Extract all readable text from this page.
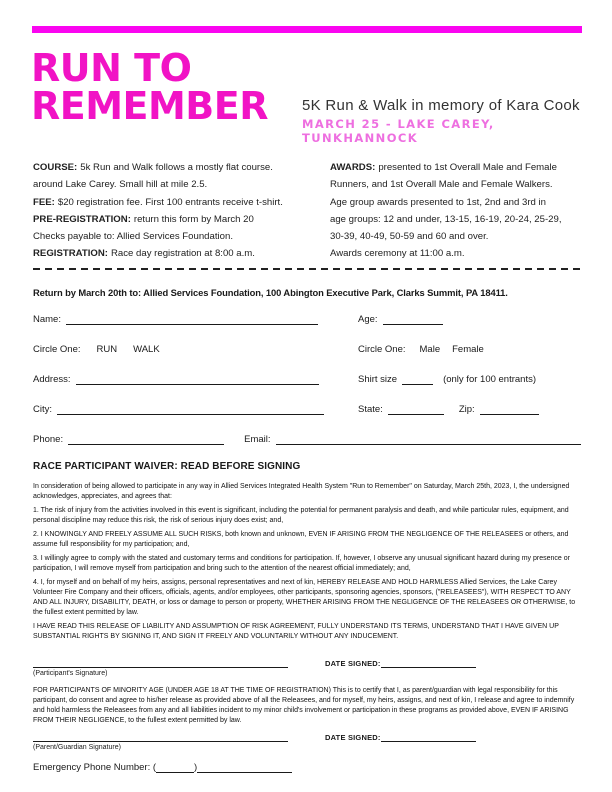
RUN TO
REMEMBER 5K Run & Walk in memory of Kara Cook

MARCH 25 - LAKE CAREY, TUNKHANNOCK

COURSE: 5k Run and Walk follows a mostly flat course.

around Lake Carey. Small hill at mile 2.5.

FEE: $20 registration fee. First 100 entrants receive t-shirt.

PRE-REGISTRATION: return this form by March 20

Checks payable to: Allied Services Foundation.

REGISTRATION: Race day registration at 8:00 a.m.

AWARDS: presented to 1st Overall Male and Female

Runners, and 1st Overall Male and Female Walkers.

Age group awards presented to 1st, 2nd and 3rd in

age groups: 12 and under, 13-15, 16-19, 20-24, 25-29,

30-39, 40-49, 50-59 and 60 and over.

Awards ceremony at 11:00 a.m.

Return by March 20th to: Allied Services Foundation, 100 Abington Executive Park, Clarks Summit, PA 18411.
Name:	Age:
Circle One: RUN WALK	Circle One: Male Female
Address:	Shirt size	(only for 100 entrants)
City:	State:	Zip:
Phone:	Email:
RACE PARTICIPANT WAIVER: READ BEFORE SIGNING

In consideration of being allowed to participate in any way in Allied Services Integrated Health System "Run to Remember" on Saturday, March 25th, 2023, I, the undersigned acknowledges, appreciates, and agrees that:

1. The risk of injury from the activities involved in this event is significant, including the potential for permanent paralysis and death, and while particular rules, equipment, and personal discipline may reduce this risk, the risk of serious injury does exist; and,

2. I KNOWINGLY AND FREELY ASSUME ALL SUCH RISKS, both known and unknown, EVEN IF ARISING FROM THE NEGLIGENCE OF THE RELEASEES or others, and assume full responsibility for my participation; and,

3. I willingly agree to comply with the stated and customary terms and conditions for participation. If, however, I observe any unusual significant hazard during my presence or participation, I will remove myself from participation and bring such to the attention of the nearest official immediately; and,

4. I, for myself and on behalf of my heirs, assigns, personal representatives and next of kin, HEREBY RELEASE AND HOLD HARMLESS Allied Services, the Lake Carey Volunteer Fire Company and their officers, officials, agents, and/or employees, other participants, sponsoring agencies, sponsors, ("RELEASEES"), WITH RESPECT TO ANY AND ALL INJURY, DISABILITY, DEATH, or loss or damage to person or property, WHETHER ARISING FROM THE NEGLIGENCE OF THE RELEASEES OR OTHERWISE, to the fullest extent permitted by law.

I HAVE READ THIS RELEASE OF LIABILITY AND ASSUMPTION OF RISK AGREEMENT, FULLY UNDERSTAND ITS TERMS, UNDERSTAND THAT I HAVE GIVEN UP SUBSTANTIAL RIGHTS BY SIGNING IT, AND SIGN IT FREELY AND VOLUNTARILY WITHOUT ANY INDUCEMENT.

DATE SIGNED:
(Participant's Signature)

FOR PARTICIPANTS OF MINORITY AGE (UNDER AGE 18 AT THE TIME OF REGISTRATION) This is to certify that I, as parent/guardian with legal responsibility for this participant, do consent and agree to his/her release as provided above of all the Releasees, and for myself, my heirs, assigns, and next of kin, I release and agree to indemnify and hold harmless the Releasees from any and all liabilities incident to my minor child's involvement or participation in these programs as provided above, EVEN IF ARISING FROM THEIR NEGLIGENCE, to the fullest extent permitted by law.

DATE SIGNED:
(Parent/Guardian Signature)
Emergency Phone Number: (	)
